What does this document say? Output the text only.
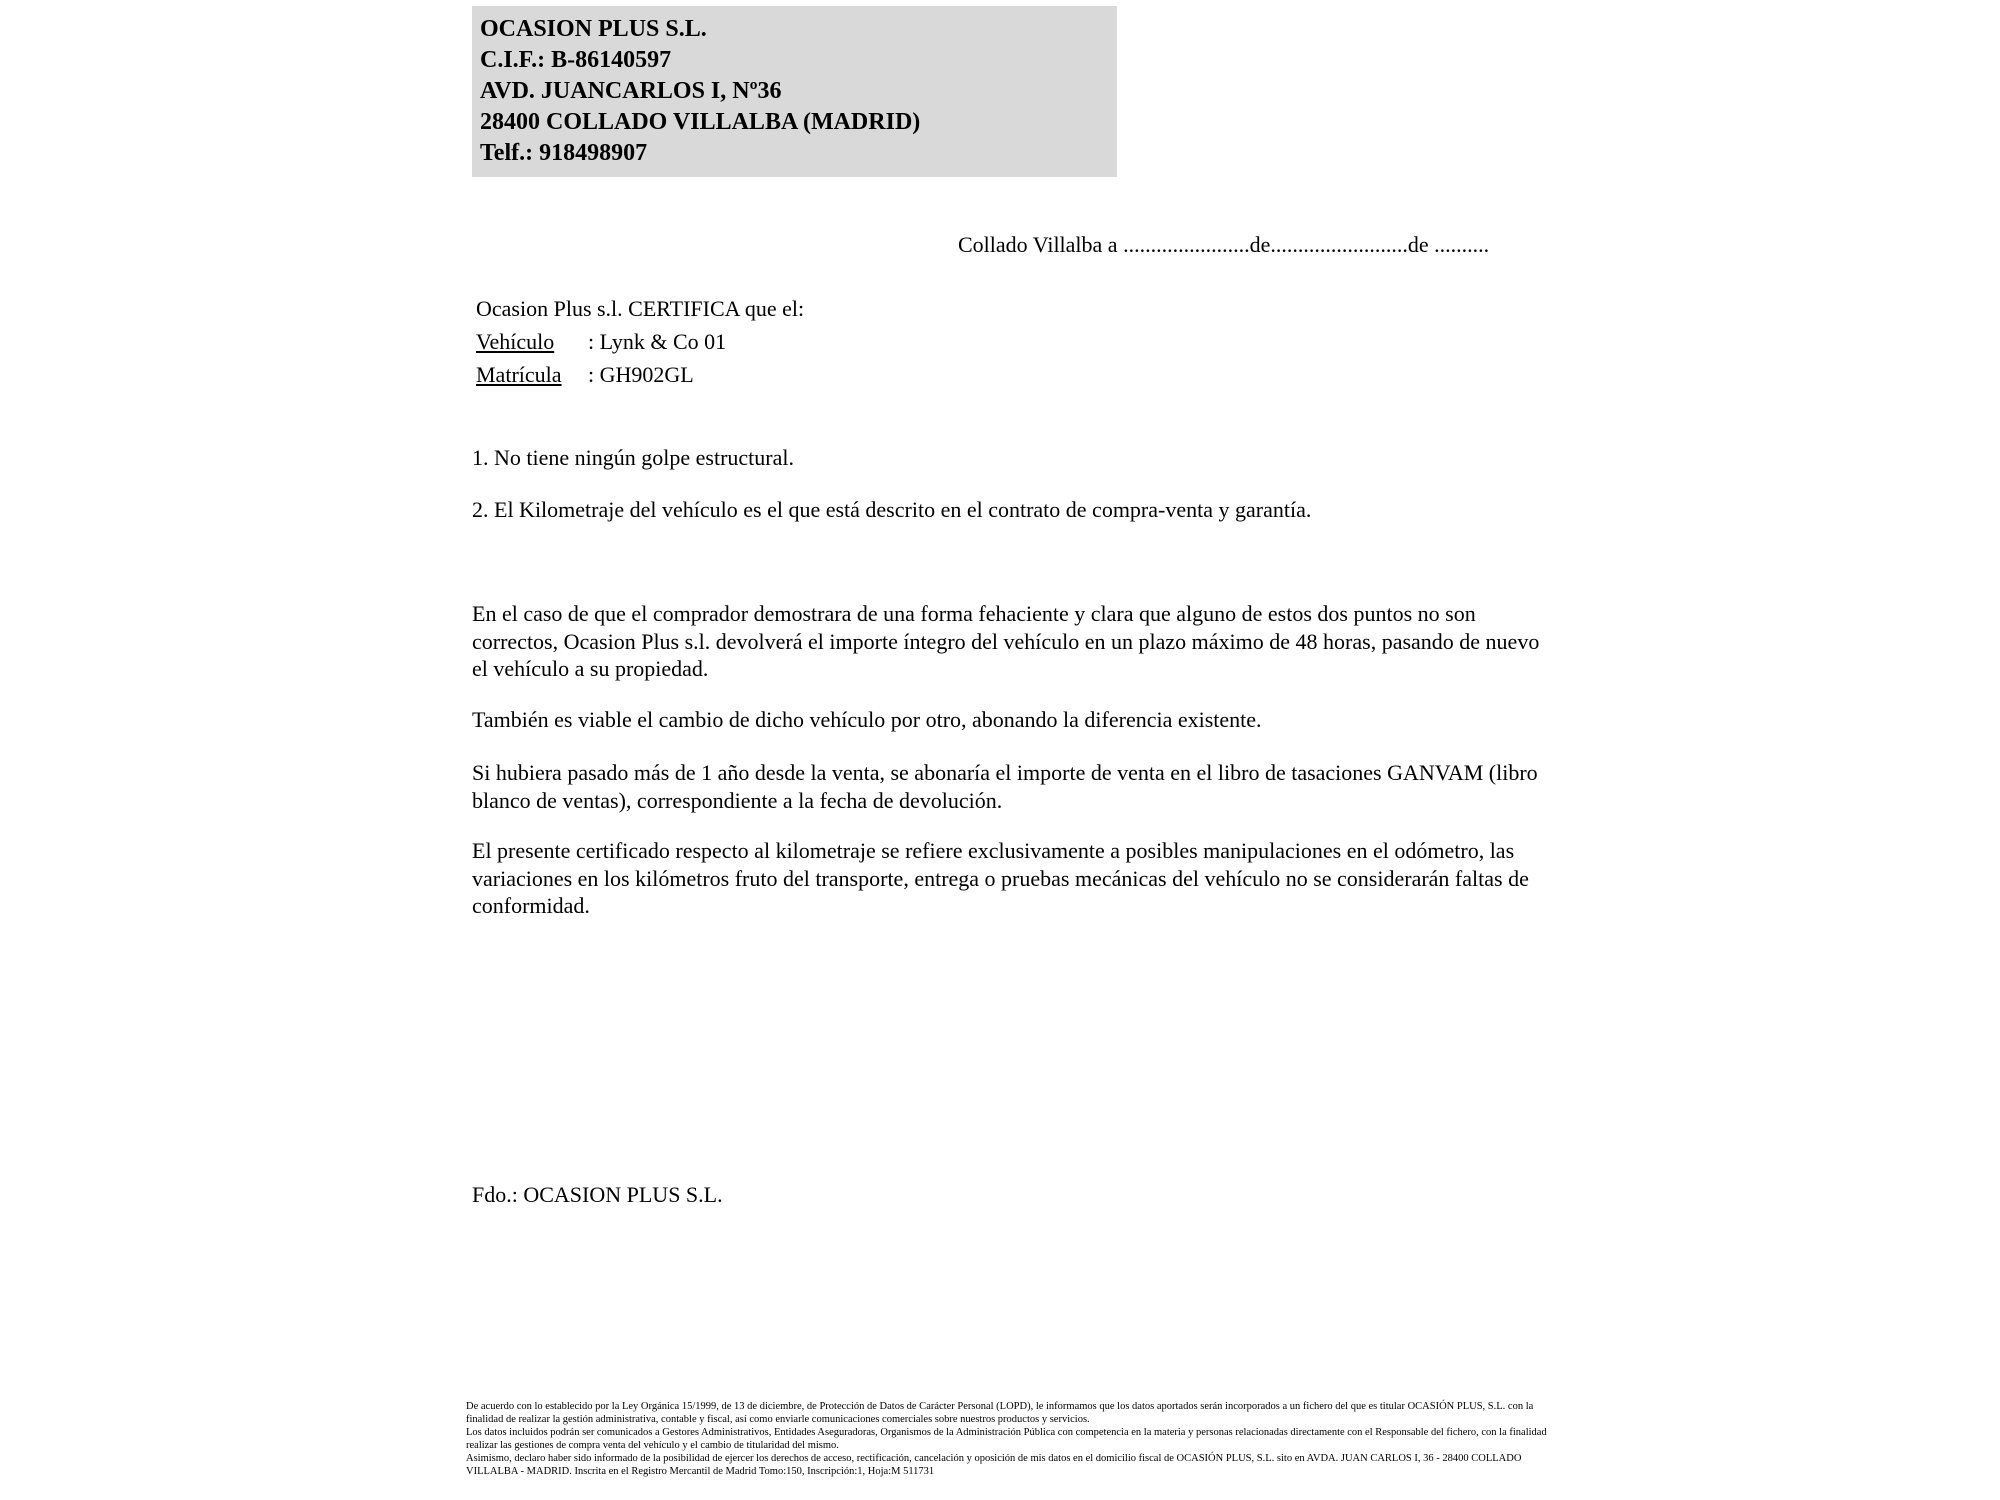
OCASION PLUS S.L.
C.I.F.: B-86140597
AVD. JUANCARLOS I, Nº36
28400 COLLADO VILLALBA (MADRID)
Telf.: 918498907
Collado Villalba a .......................de.........................de ..........
Ocasion Plus s.l. CERTIFICA que el:
Vehículo : Lynk & Co 01
Matrícula : GH902GL
1. No tiene ningún golpe estructural.
2. El Kilometraje del vehículo es el que está descrito en el contrato de compra-venta y garantía.
En el caso de que el comprador demostrara de una forma fehaciente y clara que alguno de estos dos puntos no son correctos, Ocasion Plus s.l. devolverá el importe íntegro del vehículo en un plazo máximo de 48 horas, pasando de nuevo el vehículo a su propiedad.
También es viable el cambio de dicho vehículo por otro, abonando la diferencia existente.
Si hubiera pasado más de 1 año desde la venta, se abonaría el importe de venta en el libro de tasaciones GANVAM (libro blanco de ventas), correspondiente a la fecha de devolución.
El presente certificado respecto al kilometraje se refiere exclusivamente a posibles manipulaciones en el odómetro, las variaciones en los kilómetros fruto del transporte, entrega o pruebas mecánicas del vehículo no se considerarán faltas de conformidad.
Fdo.: OCASION PLUS S.L.

De acuerdo con lo establecido por la Ley Orgánica 15/1999, de 13 de diciembre, de Protección de Datos de Carácter Personal (LOPD), le informamos que los datos aportados serán incorporados a un fichero del que es titular OCASIÓN PLUS, S.L. con la finalidad de realizar la gestión administrativa, contable y fiscal, así como enviarle comunicaciones comerciales sobre nuestros productos y servicios.

Los datos incluidos podrán ser comunicados a Gestores Administrativos, Entidades Aseguradoras, Organismos de la Administración Pública con competencia en la materia y personas relacionadas directamente con el Responsable del fichero, con la finalidad realizar las gestiones de compra venta del vehículo y el cambio de titularidad del mismo.

Asimismo, declaro haber sido informado de la posibilidad de ejercer los derechos de acceso, rectificación, cancelación y oposición de mis datos en el domicilio fiscal de OCASIÓN PLUS, S.L. sito en AVDA. JUAN CARLOS I, 36 - 28400 COLLADO VILLALBA - MADRID. Inscrita en el Registro Mercantil de Madrid Tomo:150, Inscripción:1, Hoja:M 511731
